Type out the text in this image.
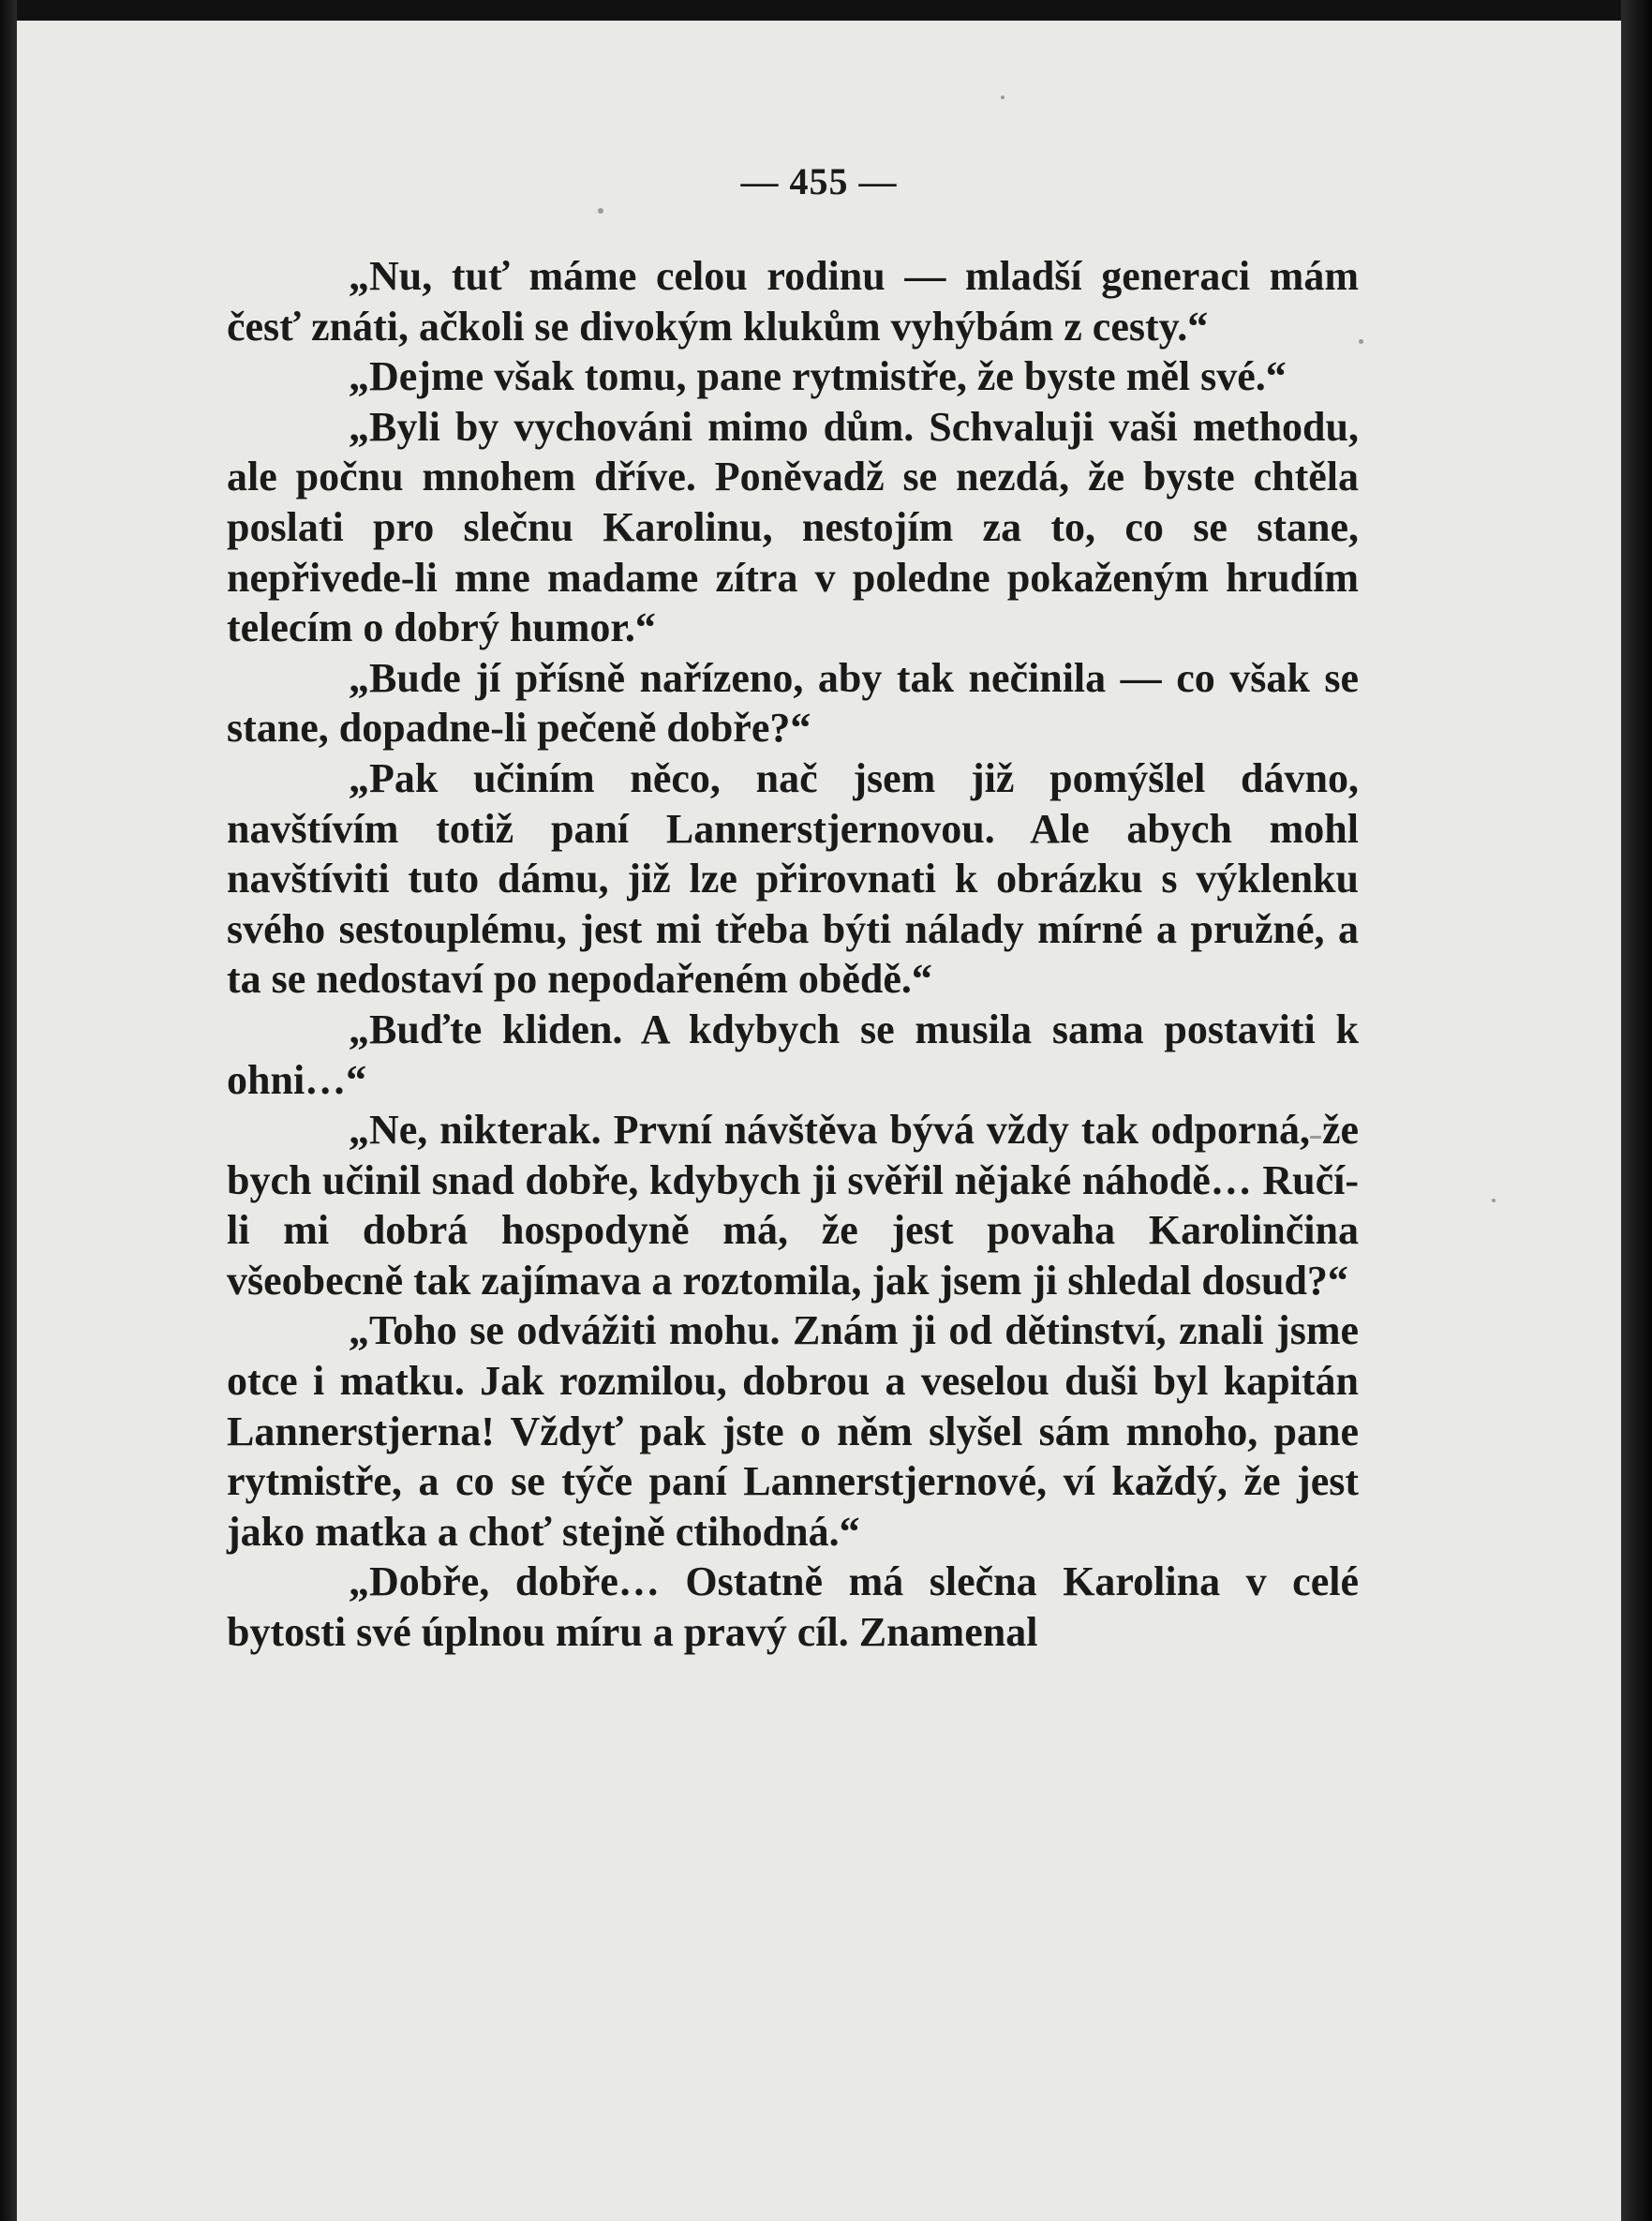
— 455 —

„Nu, tuť máme celou rodinu — mladší generaci mám česť znáti, ačkoli se divokým klukům vyhýbám z cesty.“

„Dejme však tomu, pane rytmistře, že byste měl své.“

„Byli by vychováni mimo dům. Schvaluji vaši methodu, ale počnu mnohem dříve. Poněvadž se nezdá, že byste chtěla poslati pro slečnu Karolinu, nestojím za to, co se stane, nepřivede-li mne madame zítra v poledne pokaženým hrudím telecím o dobrý humor.“

„Bude jí přísně nařízeno, aby tak nečinila — co však se stane, dopadne-li pečeně dobře?“

„Pak učiním něco, nač jsem již pomýšlel dávno, navštívím totiž paní Lannerstjernovou. Ale abych mohl navštíviti tuto dámu, již lze přirovnati k obrázku s výklenku svého sestouplému, jest mi třeba býti nálady mírné a pružné, a ta se nedostaví po nepodařeném obědě.“

„Buďte kliden. A kdybych se musila sama postaviti k ohni…“

„Ne, nikterak. První návštěva bývá vždy tak odporná, že bych učinil snad dobře, kdybych ji svěřil nějaké náhodě… Ručí-li mi dobrá hospodyně má, že jest povaha Karolinčina všeobecně tak zajímava a roztomila, jak jsem ji shledal dosud?“

„Toho se odvážiti mohu. Znám ji od dětinství, znali jsme otce i matku. Jak rozmilou, dobrou a veselou duši byl kapitán Lannerstjerna! Vždyť pak jste o něm slyšel sám mnoho, pane rytmistře, a co se týče paní Lannerstjernové, ví každý, že jest jako matka a choť stejně ctihodná.“

„Dobře, dobře… Ostatně má slečna Karolina v celé bytosti své úplnou míru a pravý cíl. Znamenal
